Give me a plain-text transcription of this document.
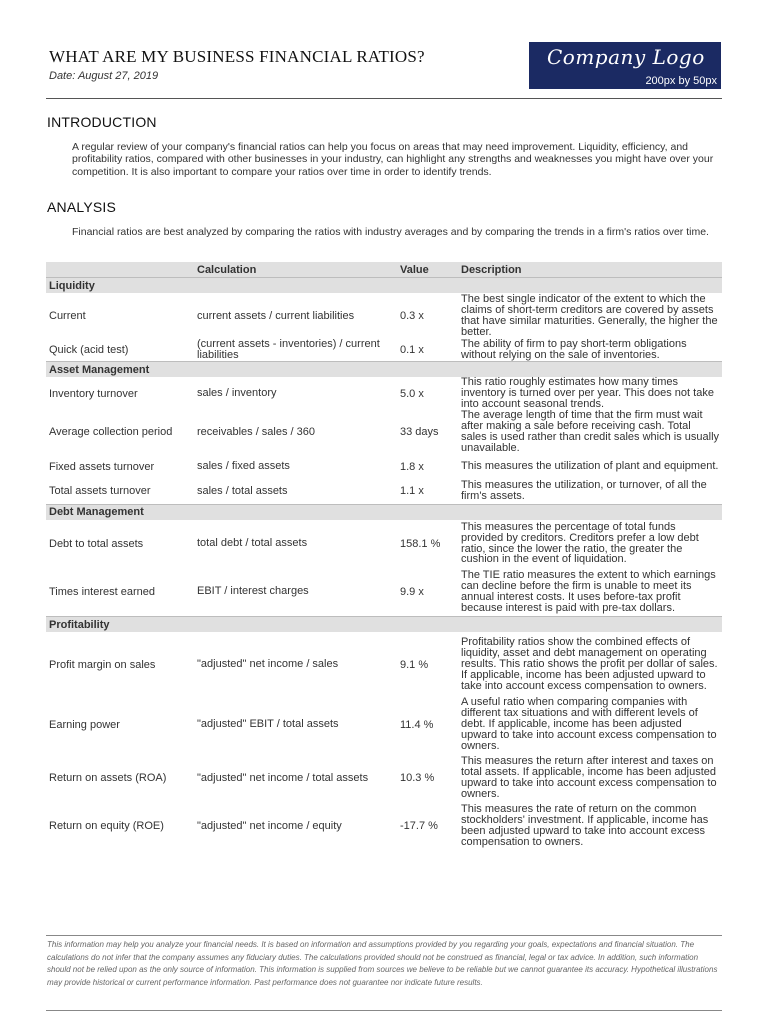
WHAT ARE MY BUSINESS FINANCIAL RATIOS?
Date: August 27, 2019
Company Logo
200px by 50px
INTRODUCTION
A regular review of your company's financial ratios can help you focus on areas that may need improvement. Liquidity, efficiency, and profitability ratios, compared with other businesses in your industry, can highlight any strengths and weaknesses you might have over your competition. It is also important to compare your ratios over time in order to identify trends.
ANALYSIS
Financial ratios are best analyzed by comparing the ratios with industry averages and by comparing the trends in a firm's ratios over time.
	Calculation	Value	Description
Liquidity			
Current	current assets / current liabilities	0.3 x	The best single indicator of the extent to which the claims of short-term creditors are covered by assets that have similar maturities. Generally, the higher the better.
Quick (acid test)	(current assets - inventories) / current liabilities	0.1 x	The ability of firm to pay short-term obligations without relying on the sale of inventories.
Asset Management			
Inventory turnover	sales / inventory	5.0 x	This ratio roughly estimates how many times inventory is turned over per year. This does not take into account seasonal trends.
Average collection period	receivables / sales / 360	33 days	The average length of time that the firm must wait after making a sale before receiving cash. Total sales is used rather than credit sales which is usually unavailable.
Fixed assets turnover	sales / fixed assets	1.8 x	This measures the utilization of plant and equipment.
Total assets turnover	sales / total assets	1.1 x	This measures the utilization, or turnover, of all the firm's assets.
Debt Management			
Debt to total assets	total debt / total assets	158.1 %	This measures the percentage of total funds provided by creditors. Creditors prefer a low debt ratio, since the lower the ratio, the greater the cushion in the event of liquidation.
Times interest earned	EBIT / interest charges	9.9 x	The TIE ratio measures the extent to which earnings can decline before the firm is unable to meet its annual interest costs. It uses before-tax profit because interest is paid with pre-tax dollars.
Profitability			
Profit margin on sales	"adjusted" net income / sales	9.1 %	Profitability ratios show the combined effects of liquidity, asset and debt management on operating results. This ratio shows the profit per dollar of sales. If applicable, income has been adjusted upward to take into account excess compensation to owners.
Earning power	"adjusted" EBIT / total assets	11.4 %	A useful ratio when comparing companies with different tax situations and with different levels of debt. If applicable, income has been adjusted upward to take into account excess compensation to owners.
Return on assets (ROA)	"adjusted" net income / total assets	10.3 %	This measures the return after interest and taxes on total assets. If applicable, income has been adjusted upward to take into account excess compensation to owners.
Return on equity (ROE)	"adjusted" net income / equity	-17.7 %	This measures the rate of return on the common stockholders' investment. If applicable, income has been adjusted upward to take into account excess compensation to owners.
This information may help you analyze your financial needs. It is based on information and assumptions provided by you regarding your goals, expectations and financial situation. The calculations do not infer that the company assumes any fiduciary duties. The calculations provided should not be construed as financial, legal or tax advice. In addition, such information should not be relied upon as the only source of information. This information is supplied from sources we believe to be reliable but we cannot guarantee its accuracy. Hypothetical illustrations may provide historical or current performance information. Past performance does not guarantee nor indicate future results.
